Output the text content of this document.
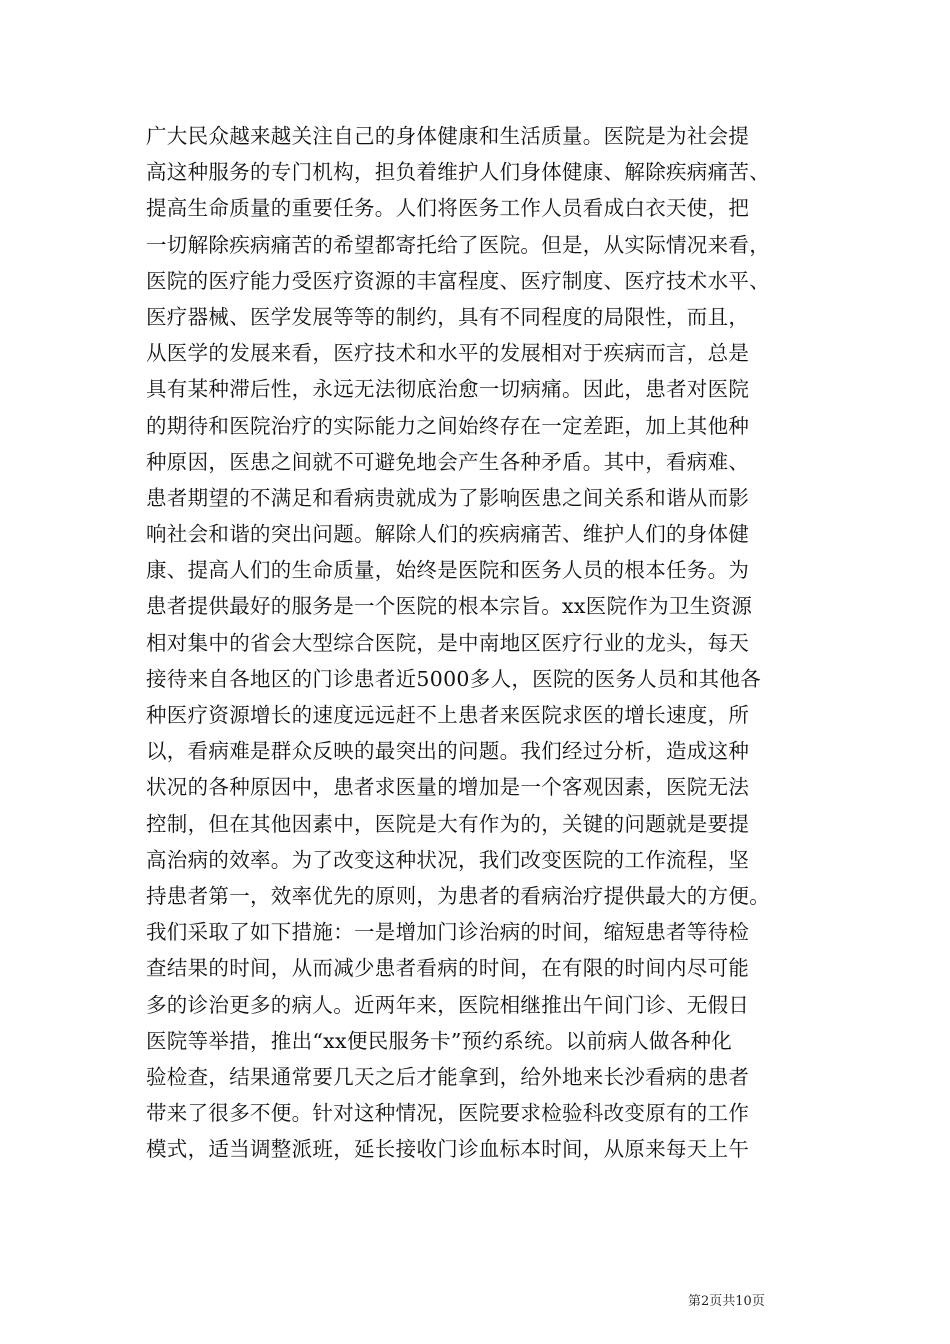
广大民众越来越关注自己的身体健康和生活质量。医院是为社会提
高这种服务的专门机构，担负着维护人们身体健康、解除疾病痛苦、
提高生命质量的重要任务。人们将医务工作人员看成白衣天使，把
一切解除疾病痛苦的希望都寄托给了医院。但是，从实际情况来看，
医院的医疗能力受医疗资源的丰富程度、医疗制度、医疗技术水平、
医疗器械、医学发展等等的制约，具有不同程度的局限性，而且，
从医学的发展来看，医疗技术和水平的发展相对于疾病而言，总是
具有某种滞后性，永远无法彻底治愈一切病痛。因此，患者对医院
的期待和医院治疗的实际能力之间始终存在一定差距，加上其他种
种原因，医患之间就不可避免地会产生各种矛盾。其中，看病难、
患者期望的不满足和看病贵就成为了影响医患之间关系和谐从而影
响社会和谐的突出问题。解除人们的疾病痛苦、维护人们的身体健
康、提高人们的生命质量，始终是医院和医务人员的根本任务。为
患者提供最好的服务是一个医院的根本宗旨。xx医院作为卫生资源
相对集中的省会大型综合医院，是中南地区医疗行业的龙头，每天
接待来自各地区的门诊患者近5000多人，医院的医务人员和其他各
种医疗资源增长的速度远远赶不上患者来医院求医的增长速度，所
以，看病难是群众反映的最突出的问题。我们经过分析，造成这种
状况的各种原因中，患者求医量的增加是一个客观因素，医院无法
控制，但在其他因素中，医院是大有作为的，关键的问题就是要提
高治病的效率。为了改变这种状况，我们改变医院的工作流程，坚
持患者第一，效率优先的原则，为患者的看病治疗提供最大的方便。
我们采取了如下措施：一是增加门诊治病的时间，缩短患者等待检
查结果的时间，从而减少患者看病的时间，在有限的时间内尽可能
多的诊治更多的病人。近两年来，医院相继推出午间门诊、无假日
医院等举措，推出“xx便民服务卡”预约系统。以前病人做各种化
验检查，结果通常要几天之后才能拿到，给外地来长沙看病的患者
带来了很多不便。针对这种情况，医院要求检验科改变原有的工作
模式，适当调整派班，延长接收门诊血标本时间，从原来每天上午
第2页共10页
